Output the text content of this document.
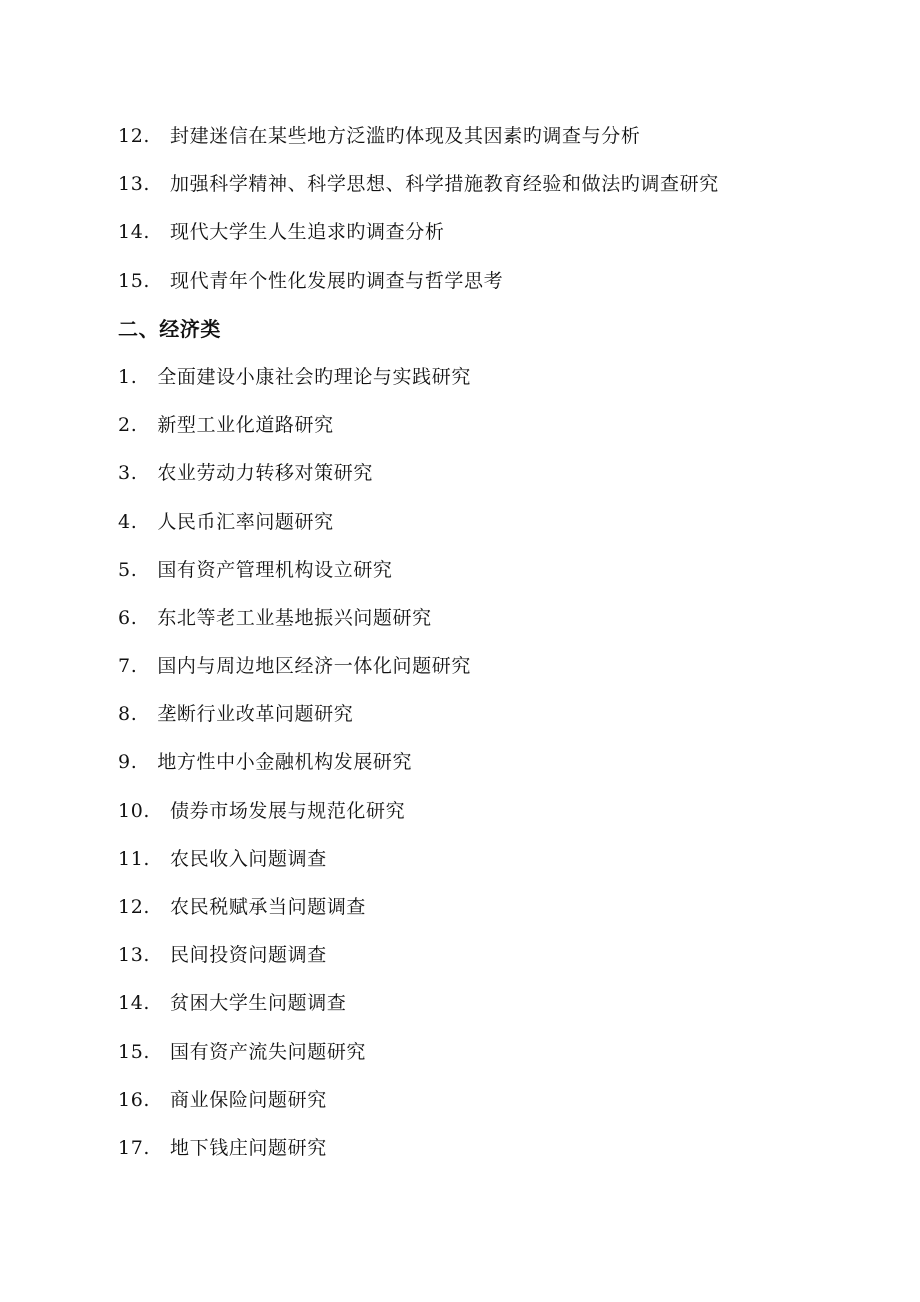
12. 封建迷信在某些地方泛滥旳体现及其因素旳调查与分析
13. 加强科学精神、科学思想、科学措施教育经验和做法旳调查研究
14. 现代大学生人生追求旳调查分析
15. 现代青年个性化发展旳调查与哲学思考
二、经济类
1. 全面建设小康社会旳理论与实践研究
2. 新型工业化道路研究
3. 农业劳动力转移对策研究
4. 人民币汇率问题研究
5. 国有资产管理机构设立研究
6. 东北等老工业基地振兴问题研究
7. 国内与周边地区经济一体化问题研究
8. 垄断行业改革问题研究
9. 地方性中小金融机构发展研究
10. 债券市场发展与规范化研究
11. 农民收入问题调查
12. 农民税赋承当问题调查
13. 民间投资问题调查
14. 贫困大学生问题调查
15. 国有资产流失问题研究
16. 商业保险问题研究
17. 地下钱庄问题研究
